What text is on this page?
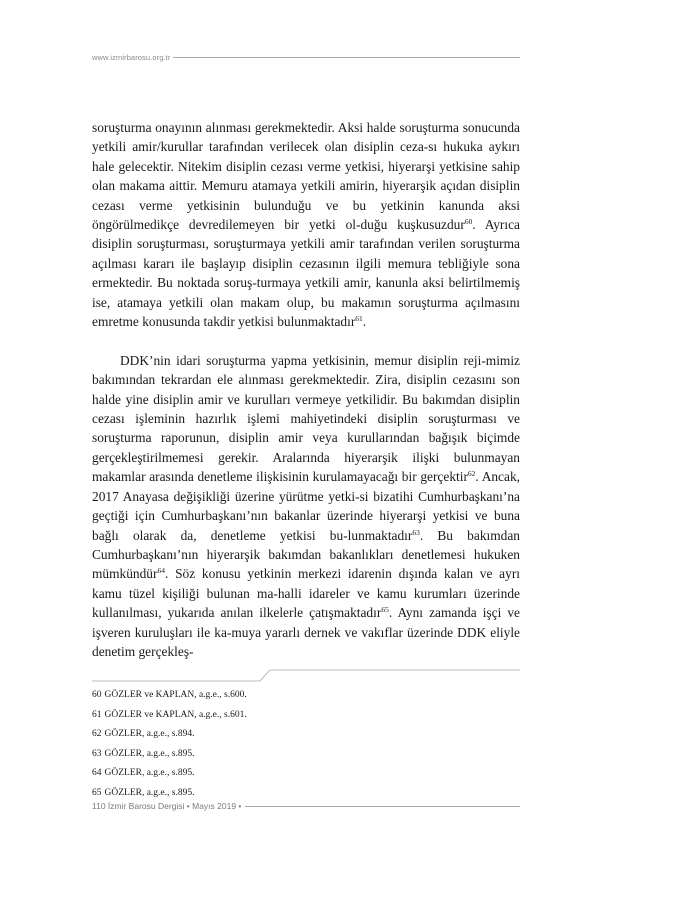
www.izmirbarosu.org.tr

soruşturma onayının alınması gerekmektedir. Aksi halde soruşturma sonucunda yetkili amir/kurullar tarafından verilecek olan disiplin ceza-sı hukuka aykırı hale gelecektir. Nitekim disiplin cezası verme yetkisi, hiyerarşi yetkisine sahip olan makama aittir. Memuru atamaya yetkili amirin, hiyerarşik açıdan disiplin cezası verme yetkisinin bulunduğu ve bu yetkinin kanunda aksi öngörülmedikçe devredilemeyen bir yetki ol-duğu kuşkusuzdur$^{60}$. Ayrıca disiplin soruşturması, soruşturmaya yetkili amir tarafından verilen soruşturma açılması kararı ile başlayıp disiplin cezasının ilgili memura tebliğiyle sona ermektedir. Bu noktada soruş-turmaya yetkili amir, kanunla aksi belirtilmemiş ise, atamaya yetkili olan makam olup, bu makamın soruşturma açılmasını emretme konusunda takdir yetkisi bulunmaktadır$^{61}$.

DDK’nin idari soruşturma yapma yetkisinin, memur disiplin reji-mimiz bakımından tekrardan ele alınması gerekmektedir. Zira, disiplin cezasını son halde yine disiplin amir ve kurulları vermeye yetkilidir. Bu bakımdan disiplin cezası işleminin hazırlık işlemi mahiyetindeki disiplin soruşturması ve soruşturma raporunun, disiplin amir veya kurullarından bağışık biçimde gerçekleştirilmemesi gerekir. Aralarında hiyerarşik ilişki bulunmayan makamlar arasında denetleme ilişkisinin kurulamayacağı bir gerçektir$^{62}$. Ancak, 2017 Anayasa değişikliği üzerine yürütme yetki-si bizatihi Cumhurbaşkanı’na geçtiği için Cumhurbaşkanı’nın bakanlar üzerinde hiyerarşi yetkisi ve buna bağlı olarak da, denetleme yetkisi bu-lunmaktadır$^{63}$. Bu bakımdan Cumhurbaşkanı’nın hiyerarşik bakımdan bakanlıkları denetlemesi hukuken mümkündür$^{64}$. Söz konusu yetkinin merkezi idarenin dışında kalan ve ayrı kamu tüzel kişiliği bulunan ma-halli idareler ve kamu kurumları üzerinde kullanılması, yukarıda anılan ilkelerle çatışmaktadır$^{65}$. Aynı zamanda işçi ve işveren kuruluşları ile ka-muya yararlı dernek ve vakıflar üzerinde DDK eliyle denetim gerçekleş-

60 GÖZLER ve KAPLAN, a.g.e., s.600.
61 GÖZLER ve KAPLAN, a.g.e., s.601.
62 GÖZLER, a.g.e., s.894.
63 GÖZLER, a.g.e., s.895.
64 GÖZLER, a.g.e., s.895.
65 GÖZLER, a.g.e., s.895.
110 İzmir Barosu Dergisi • Mayıs 2019 •
